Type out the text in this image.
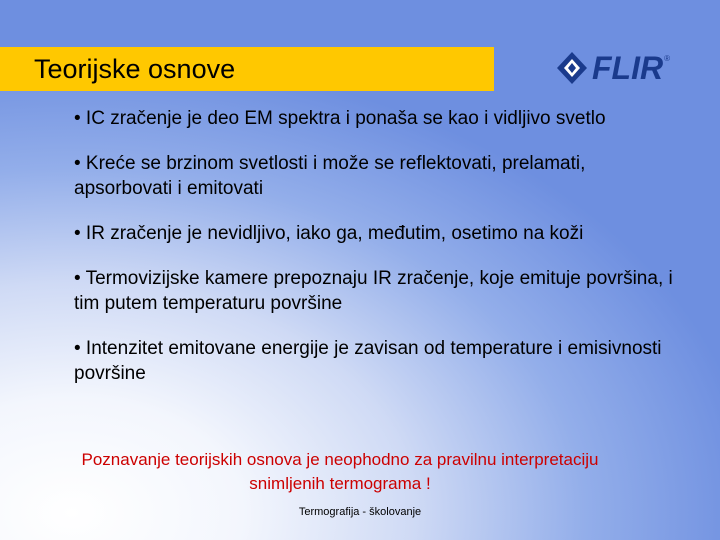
Teorijske osnove	FLIR ®
• IC zračenje je deo EM spektra i ponaša se kao i vidljivo svetlo
• Kreće se brzinom svetlosti i može se reflektovati, prelamati, apsorbovati i emitovati
• IR zračenje je nevidljivo, iako ga, međutim, osetimo na koži
• Termovizijske kamere prepoznaju IR zračenje, koje emituje površina, i tim putem temperaturu površine
• Intenzitet emitovane energije je zavisan od temperature i emisivnosti površine
Poznavanje teorijskih osnova je neophodno za pravilnu interpretaciju snimljenih termograma !
Termografija - školovanje
